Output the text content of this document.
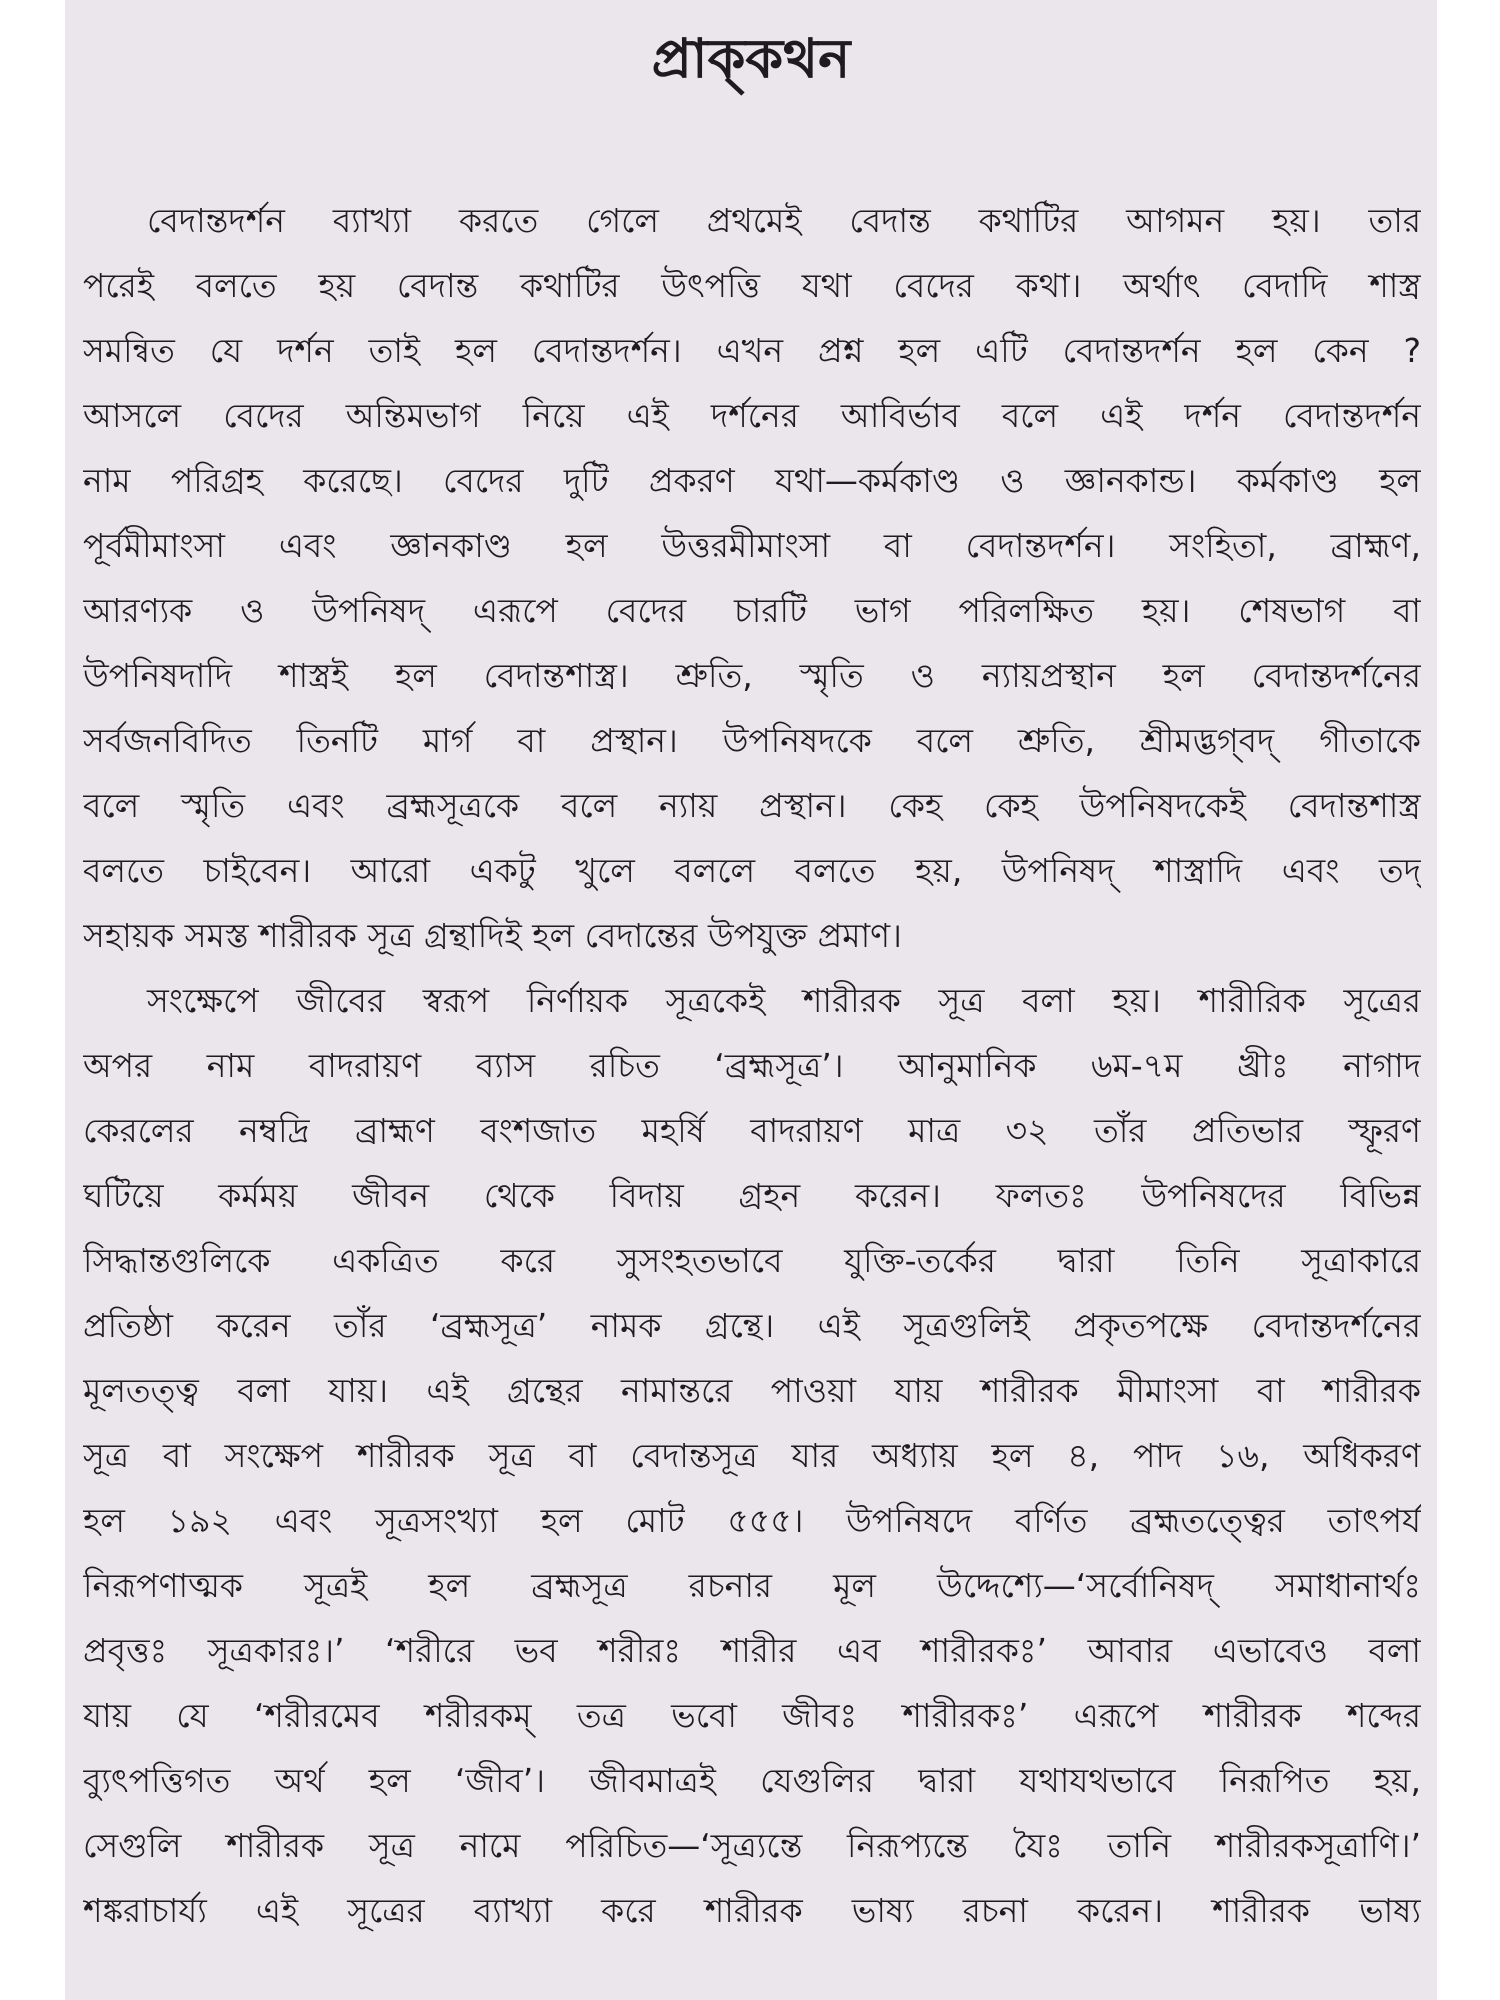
প্রাক্‌কথন

বেদান্তদর্শন ব্যাখ্যা করতে গেলে প্রথমেই বেদান্ত কথাটির আগমন হয়। তার
পরেই বলতে হয় বেদান্ত কথাটির উৎপত্তি যথা বেদের কথা। অর্থাৎ বেদাদি শাস্ত্র
সমন্বিত যে দর্শন তাই হল বেদান্তদর্শন। এখন প্রশ্ন হল এটি বেদান্তদর্শন হল কেন ?
আসলে বেদের অন্তিমভাগ নিয়ে এই দর্শনের আবির্ভাব বলে এই দর্শন বেদান্তদর্শন
নাম পরিগ্রহ করেছে। বেদের দুটি প্রকরণ যথা—কর্মকাণ্ড ও জ্ঞানকান্ড। কর্মকাণ্ড হল
পূর্বমীমাংসা এবং জ্ঞানকাণ্ড হল উত্তরমীমাংসা বা বেদান্তদর্শন। সংহিতা, ব্রাহ্মণ,
আরণ্যক ও উপনিষদ্ এরূপে বেদের চারটি ভাগ পরিলক্ষিত হয়। শেষভাগ বা
উপনিষদাদি শাস্ত্রই হল বেদান্তশাস্ত্র। শ্রুতি, স্মৃতি ও ন্যায়প্রস্থান হল বেদান্তদর্শনের
সর্বজনবিদিত তিনটি মার্গ বা প্রস্থান। উপনিষদকে বলে শ্রুতি, শ্রীমদ্ভগ্‌বদ্ গীতাকে
বলে স্মৃতি এবং ব্রহ্মসূত্রকে বলে ন্যায় প্রস্থান। কেহ কেহ উপনিষদকেই বেদান্তশাস্ত্র
বলতে চাইবেন। আরো একটু খুলে বললে বলতে হয়, উপনিষদ্ শাস্ত্রাদি এবং তদ্
সহায়ক সমস্ত শারীরক সূত্র গ্রন্থাদিই হল বেদান্তের উপযুক্ত প্রমাণ।

সংক্ষেপে জীবের স্বরূপ নির্ণায়ক সূত্রকেই শারীরক সূত্র বলা হয়। শারীরিক সূত্রের
অপর নাম বাদরায়ণ ব্যাস রচিত ‘ব্রহ্মসূত্র’। আনুমানিক ৬ম-৭ম খ্রীঃ নাগাদ
কেরলের নম্বদ্রি ব্রাহ্মণ বংশজাত মহর্ষি বাদরায়ণ মাত্র ৩২ তাঁর প্রতিভার স্ফূরণ
ঘটিয়ে কর্মময় জীবন থেকে বিদায় গ্রহন করেন। ফলতঃ উপনিষদের বিভিন্ন
সিদ্ধান্তগুলিকে একত্রিত করে সুসংহতভাবে যুক্তি-তর্কের দ্বারা তিনি সূত্রাকারে
প্রতিষ্ঠা করেন তাঁর ‘ব্রহ্মসূত্র’ নামক গ্রন্থে। এই সূত্রগুলিই প্রকৃতপক্ষে বেদান্তদর্শনের
মূলতত্ত্ব বলা যায়। এই গ্রন্থের নামান্তরে পাওয়া যায় শারীরক মীমাংসা বা শারীরক
সূত্র বা সংক্ষেপ শারীরক সূত্র বা বেদান্তসূত্র যার অধ্যায় হল ৪, পাদ ১৬, অধিকরণ
হল ১৯২ এবং সূত্রসংখ্যা হল মোট ৫৫৫। উপনিষদে বর্ণিত ব্রহ্মতত্ত্বের তাৎপর্য
নিরূপণাত্মক সূত্রই হল ব্রহ্মসূত্র রচনার মূল উদ্দেশ্যে—‘সর্বোনিষদ্ সমাধানার্থঃ
প্রবৃত্তঃ সূত্রকারঃ।’ ‘শরীরে ভব শরীরঃ শারীর এব শারীরকঃ’ আবার এভাবেও বলা
যায় যে ‘শরীরমেব শরীরকম্ তত্র ভবো জীবঃ শারীরকঃ’ এরূপে শারীরক শব্দের
ব্যুৎপত্তিগত অর্থ হল ‘জীব’। জীবমাত্রই যেগুলির দ্বারা যথাযথভাবে নিরূপিত হয়,
সেগুলি শারীরক সূত্র নামে পরিচিত—‘সূত্র্যন্তে নিরূপ্যন্তে যৈঃ তানি শারীরকসূত্রাণি।’
শঙ্করাচার্য্য এই সূত্রের ব্যাখ্যা করে শারীরক ভাষ্য রচনা করেন। শারীরক ভাষ্য
